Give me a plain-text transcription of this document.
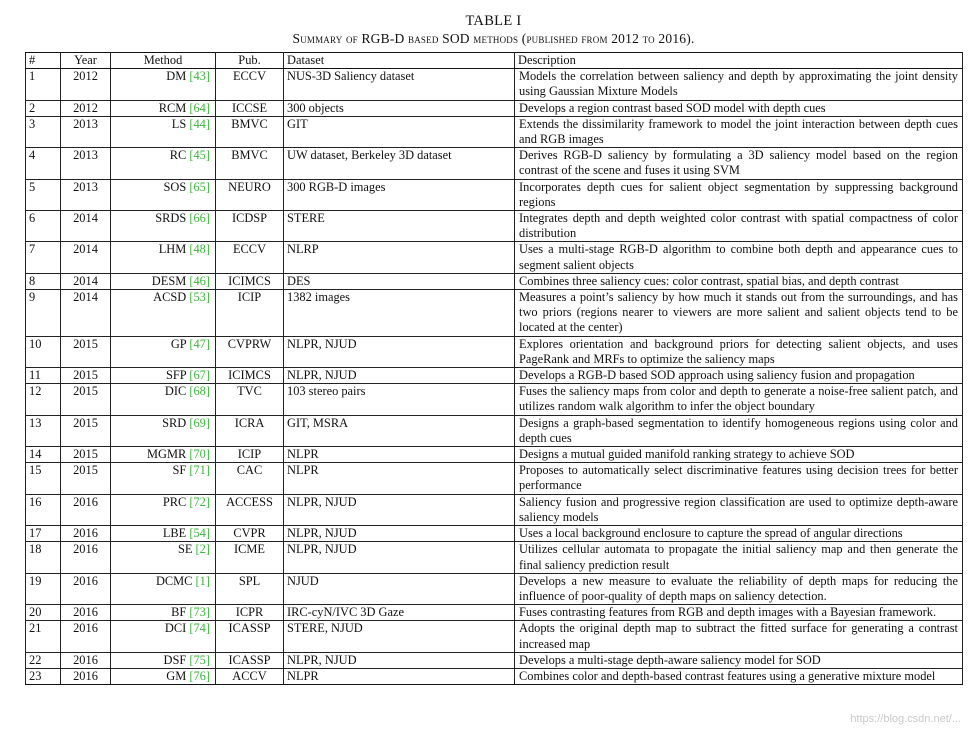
TABLE I
Summary of RGB-D based SOD methods (published from 2012 to 2016).
#	Year	Method	Pub.	Dataset	Description
1	2012	DM [43]	ECCV	NUS-3D Saliency dataset	Models the correlation between saliency and depth by approximating the joint density using Gaussian Mixture Models
2	2012	RCM [64]	ICCSE	300 objects	Develops a region contrast based SOD model with depth cues
3	2013	LS [44]	BMVC	GIT	Extends the dissimilarity framework to model the joint interaction between depth cues and RGB images
4	2013	RC [45]	BMVC	UW dataset, Berkeley 3D dataset	Derives RGB-D saliency by formulating a 3D saliency model based on the region contrast of the scene and fuses it using SVM
5	2013	SOS [65]	NEURO	300 RGB-D images	Incorporates depth cues for salient object segmentation by suppressing background regions
6	2014	SRDS [66]	ICDSP	STERE	Integrates depth and depth weighted color contrast with spatial compactness of color distribution
7	2014	LHM [48]	ECCV	NLRP	Uses a multi-stage RGB-D algorithm to combine both depth and appearance cues to segment salient objects
8	2014	DESM [46]	ICIMCS	DES	Combines three saliency cues: color contrast, spatial bias, and depth contrast
9	2014	ACSD [53]	ICIP	1382 images	Measures a point’s saliency by how much it stands out from the surroundings, and has two priors (regions nearer to viewers are more salient and salient objects tend to be located at the center)
10	2015	GP [47]	CVPRW	NLPR, NJUD	Explores orientation and background priors for detecting salient objects, and uses PageRank and MRFs to optimize the saliency maps
11	2015	SFP [67]	ICIMCS	NLPR, NJUD	Develops a RGB-D based SOD approach using saliency fusion and propagation
12	2015	DIC [68]	TVC	103 stereo pairs	Fuses the saliency maps from color and depth to generate a noise-free salient patch, and utilizes random walk algorithm to infer the object boundary
13	2015	SRD [69]	ICRA	GIT, MSRA	Designs a graph-based segmentation to identify homogeneous regions using color and depth cues
14	2015	MGMR [70]	ICIP	NLPR	Designs a mutual guided manifold ranking strategy to achieve SOD
15	2015	SF [71]	CAC	NLPR	Proposes to automatically select discriminative features using decision trees for better performance
16	2016	PRC [72]	ACCESS	NLPR, NJUD	Saliency fusion and progressive region classification are used to optimize depth-aware saliency models
17	2016	LBE [54]	CVPR	NLPR, NJUD	Uses a local background enclosure to capture the spread of angular directions
18	2016	SE [2]	ICME	NLPR, NJUD	Utilizes cellular automata to propagate the initial saliency map and then generate the final saliency prediction result
19	2016	DCMC [1]	SPL	NJUD	Develops a new measure to evaluate the reliability of depth maps for reducing the influence of poor-quality of depth maps on saliency detection.
20	2016	BF [73]	ICPR	IRC-cyN/IVC 3D Gaze	Fuses contrasting features from RGB and depth images with a Bayesian framework.
21	2016	DCI [74]	ICASSP	STERE, NJUD	Adopts the original depth map to subtract the fitted surface for generating a contrast increased map
22	2016	DSF [75]	ICASSP	NLPR, NJUD	Develops a multi-stage depth-aware saliency model for SOD
23	2016	GM [76]	ACCV	NLPR	Combines color and depth-based contrast features using a generative mixture model
https://blog.csdn.net/...
